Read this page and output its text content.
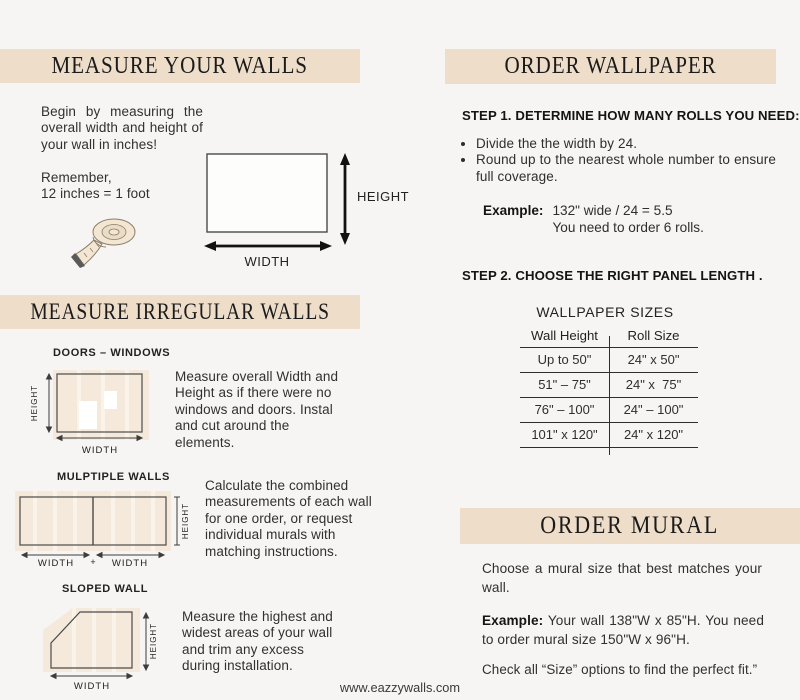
MEASURE YOUR WALLS
Begin by measuring the overall width and height of your wall in inches!
Remember,
12 inches = 1 foot	HEIGHT
WIDTH
MEASURE IRREGULAR WALLS
DOORS – WINDOWS
HEIGHT
WIDTH
Measure overall Width and Height as if there were no windows and doors. Instal and cut around the elements.
MULPTIPLE WALLS
HEIGHT
WIDTH + WIDTH
Calculate the combined measurements of each wall for one order, or request individual murals with matching instructions.
SLOPED WALL
HEIGHT
WIDTH
Measure the highest and widest areas of your wall and trim any excess during installation.
ORDER WALLPAPER
STEP 1. DETERMINE HOW MANY ROLLS YOU NEED:
• Divide the the width by 24.
• Round up to the nearest whole number to ensure full coverage.
Example: 132" wide / 24 = 5.5
You need to order 6 rolls.
STEP 2. CHOOSE THE RIGHT PANEL LENGTH .
WALLPAPER SIZES
Wall Height	Roll Size
Up to 50"	24" x 50"
51" – 75"	24" x  75"
76" – 100"	24" – 100"
101" x 120"	24" x 120"
ORDER MURAL
Choose a mural size that best matches your wall.
Example: Your wall 138"W x 85"H. You need to order mural size 150"W x 96"H.
Check all “Size” options to find the perfect fit.”
www.eazzywalls.com
